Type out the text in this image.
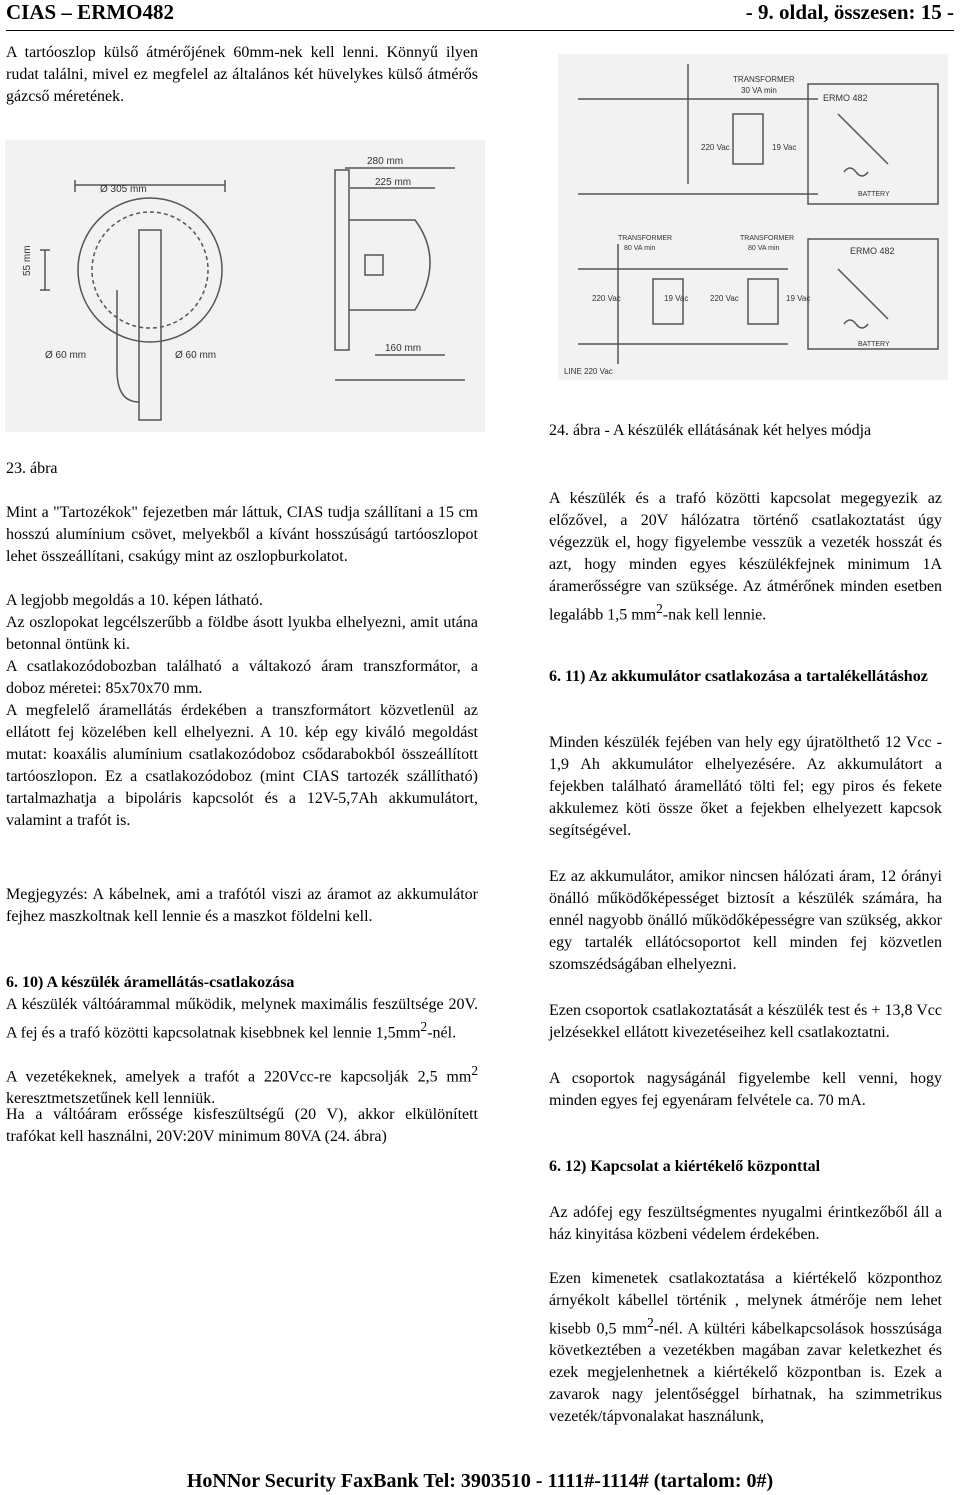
CIAS – ERMO482	- 9. oldal, összesen: 15 -

A tartóoszlop külső átmérőjének 60mm-nek kell lenni. Könnyű ilyen rudat találni, mivel ez megfelel az általános két hüvelykes külső átmérős gázcső méretének.

Ø 305 mm
55 mm
Ø 60 mm	Ø 60 mm
280 mm
225 mm
160 mm

23. ábra

Mint a "Tartozékok" fejezetben már láttuk, CIAS tudja szállítani a 15 cm hosszú alumínium csövet, melyekből a kívánt hosszúságú tartóoszlopot lehet összeállítani, csakúgy mint az oszlopburkolatot.

A legjobb megoldás a 10. képen látható.

Az oszlopokat legcélszerűbb a földbe ásott lyukba elhelyezni, amit utána betonnal öntünk ki.

A csatlakozódobozban található a váltakozó áram transzformátor, a doboz méretei: 85x70x70 mm.

A megfelelő áramellátás érdekében a transzformátort közvetlenül az ellátott fej közelében kell elhelyezni. A 10. kép egy kiváló megoldást mutat: koaxális alumínium csatlakozódoboz csődarabokból összeállított tartóoszlopon. Ez a csatlakozódoboz (mint CIAS tartozék szállítható) tartalmazhatja a bipoláris kapcsolót és a 12V-5,7Ah akkumulátort, valamint a trafót is.

Megjegyzés: A kábelnek, ami a trafótól viszi az áramot az akkumulátor fejhez maszkoltnak kell lennie és a maszkot földelni kell.

6. 10) A készülék áramellátás-csatlakozása

A készülék váltóárammal működik, melynek maximális feszültsége 20V. A fej és a trafó közötti kapcsolatnak kisebbnek kel lennie $1,5mm^2$-nél.

A vezetékeknek, amelyek a trafót a 220Vcc-re kapcsolják 2,5 $mm^2$ keresztmetszetűnek kell lenniük.

Ha a váltóáram erőssége kisfeszültségű (20 V), akkor elkülönített trafókat kell használni, 20V:20V minimum 80VA (24. ábra)

TRANSFORMER
30 VA min
ERMO 482
220 Vac	19 Vac
BATTERY
TRANSFORMER
80 VA min
TRANSFORMER
80 VA min	ERMO 482
220 Vac	19 Vac	220 Vac	19 Vac
BATTERY
LINE 220 Vac

24. ábra - A készülék ellátásának két helyes módja

A készülék és a trafó közötti kapcsolat megegyezik az előzővel, a 20V hálózatra történő csatlakoztatást úgy végezzük el, hogy figyelembe vesszük a vezeték hosszát és azt, hogy minden egyes készülékfejnek minimum 1A áramerősségre van szüksége. Az átmérőnek minden esetben legalább 1,5 $mm^2$-nak kell lennie.

6. 11) Az akkumulátor csatlakozása a tartalékellátáshoz

Minden készülék fejében van hely egy újratölthető 12 Vcc - 1,9 Ah akkumulátor elhelyezésére. Az akkumulátort a fejekben található áramellátó tölti fel; egy piros és fekete akkulemez köti össze őket a fejekben elhelyezett kapcsok segítségével.

Ez az akkumulátor, amikor nincsen hálózati áram, 12 órányi önálló működőképességet biztosít a készülék számára, ha ennél nagyobb önálló működőképességre van szükség, akkor egy tartalék ellátócsoportot kell minden fej közvetlen szomszédságában elhelyezni.

Ezen csoportok csatlakoztatását a készülék test és + 13,8 Vcc jelzésekkel ellátott kivezetéseihez kell csatlakoztatni.

A csoportok nagyságánál figyelembe kell venni, hogy minden egyes fej egyenáram felvétele ca. 70 mA.

6. 12) Kapcsolat a kiértékelő központtal

Az adófej egy feszültségmentes nyugalmi érintkezőből áll a ház kinyitása közbeni védelem érdekében.

Ezen kimenetek csatlakoztatása a kiértékelő központhoz árnyékolt kábellel történik , melynek átmérője nem lehet kisebb 0,5 $mm^2$-nél. A kültéri kábelkapcsolások hosszúsága következtében a vezetékben magában zavar keletkezhet és ezek megjelenhetnek a kiértékelő központban is. Ezek a zavarok nagy jelentőséggel bírhatnak, ha szimmetrikus vezeték/tápvonalakat használunk,

HoNNor Security FaxBank Tel: 3903510 - 1111#-1114# (tartalom: 0#)
